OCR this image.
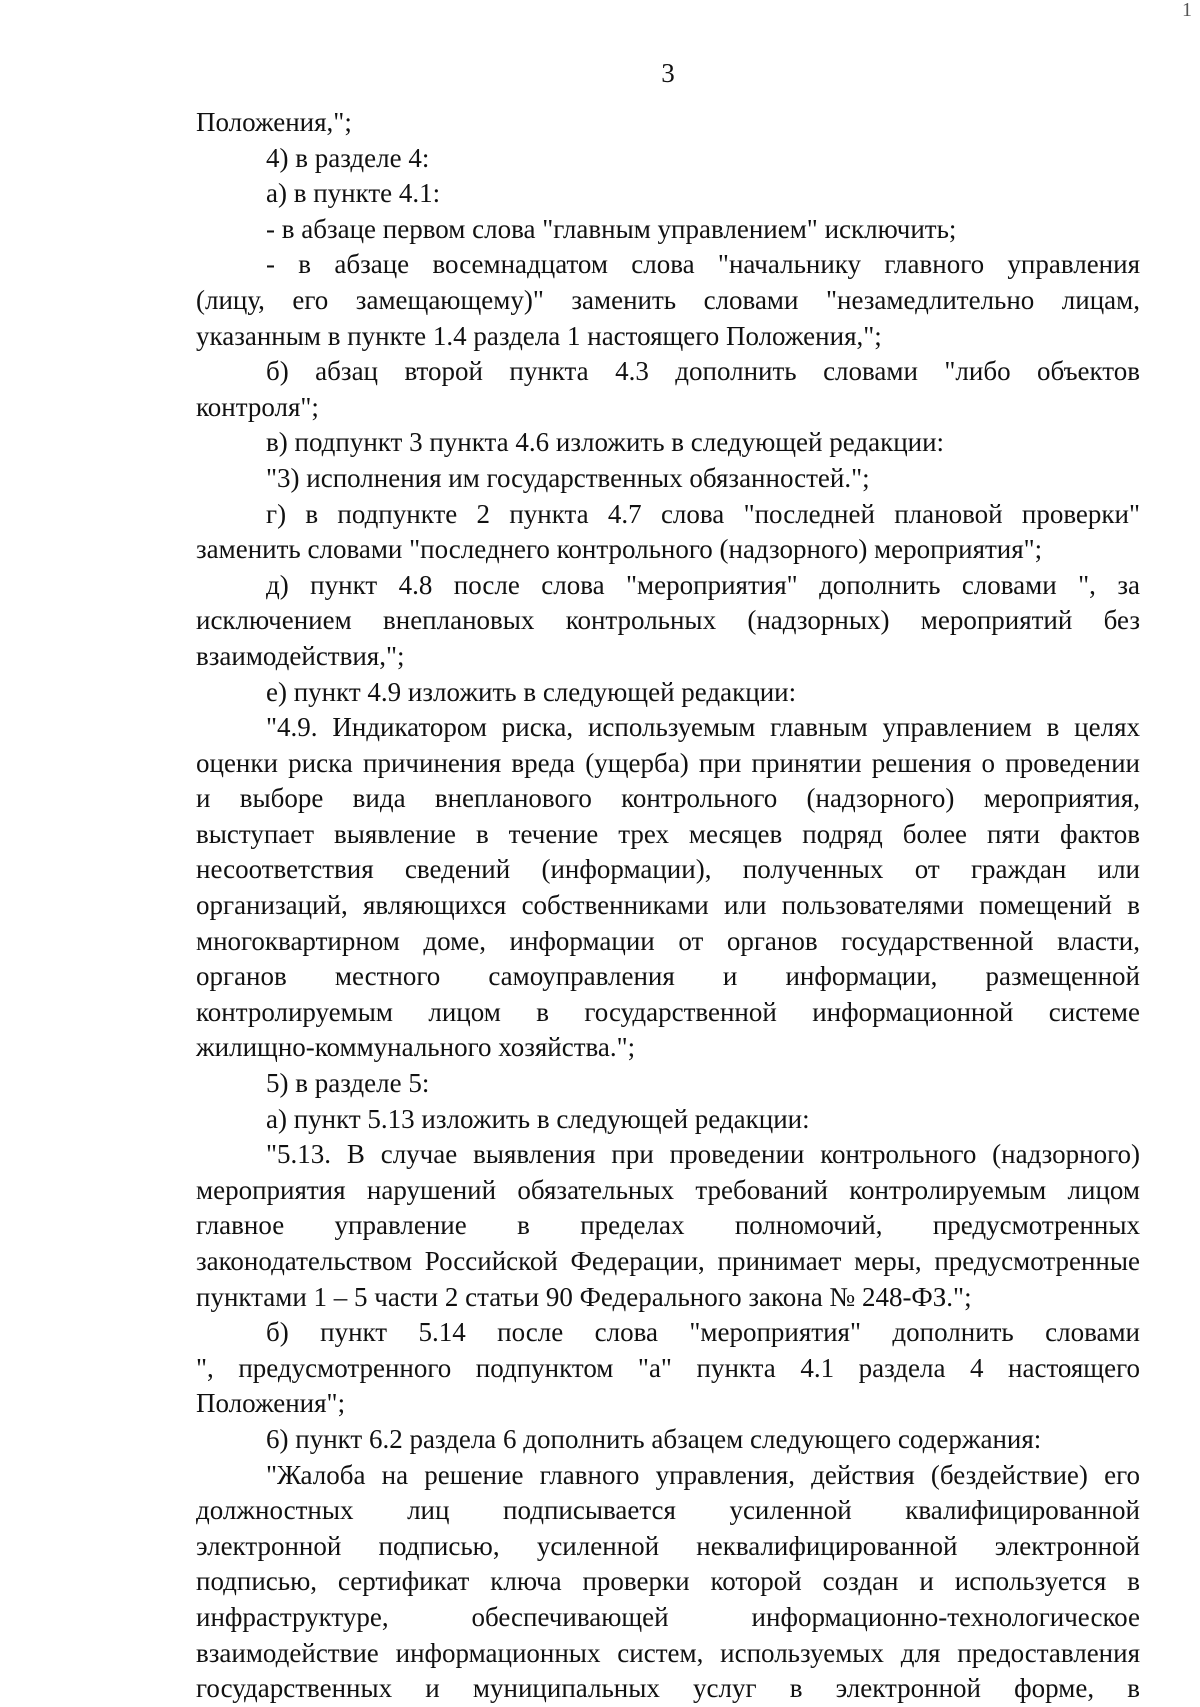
1
3
Положения,";
4) в разделе 4:
а) в пункте 4.1:
- в абзаце первом слова "главным управлением" исключить;
- в абзаце восемнадцатом слова "начальнику главного управления
(лицу, его замещающему)" заменить словами "незамедлительно лицам,
указанным в пункте 1.4 раздела 1 настоящего Положения,";
б) абзац второй пункта 4.3 дополнить словами "либо объектов
контроля";
в) подпункт 3 пункта 4.6 изложить в следующей редакции:
"3) исполнения им государственных обязанностей.";
г) в подпункте 2 пункта 4.7 слова "последней плановой проверки"
заменить словами "последнего контрольного (надзорного) мероприятия";
д) пункт 4.8 после слова "мероприятия" дополнить словами ", за
исключением внеплановых контрольных (надзорных) мероприятий без
взаимодействия,";
е) пункт 4.9 изложить в следующей редакции:
"4.9. Индикатором риска, используемым главным управлением в целях
оценки риска причинения вреда (ущерба) при принятии решения о проведении
и выборе вида внепланового контрольного (надзорного) мероприятия,
выступает выявление в течение трех месяцев подряд более пяти фактов
несоответствия сведений (информации), полученных от граждан или
организаций, являющихся собственниками или пользователями помещений в
многоквартирном доме, информации от органов государственной власти,
органов местного самоуправления и информации, размещенной
контролируемым лицом в государственной информационной системе
жилищно-коммунального хозяйства.";
5) в разделе 5:
а) пункт 5.13 изложить в следующей редакции:
"5.13. В случае выявления при проведении контрольного (надзорного)
мероприятия нарушений обязательных требований контролируемым лицом
главное управление в пределах полномочий, предусмотренных
законодательством Российской Федерации, принимает меры, предусмотренные
пунктами 1 – 5 части 2 статьи 90 Федерального закона № 248-ФЗ.";
б) пункт 5.14 после слова "мероприятия" дополнить словами
", предусмотренного подпунктом "а" пункта 4.1 раздела 4 настоящего
Положения";
6) пункт 6.2 раздела 6 дополнить абзацем следующего содержания:
"Жалоба на решение главного управления, действия (бездействие) его
должностных лиц подписывается усиленной квалифицированной
электронной подписью, усиленной неквалифицированной электронной
подписью, сертификат ключа проверки которой создан и используется в
инфраструктуре, обеспечивающей информационно-технологическое
взаимодействие информационных систем, используемых для предоставления
государственных и муниципальных услуг в электронной форме, в
